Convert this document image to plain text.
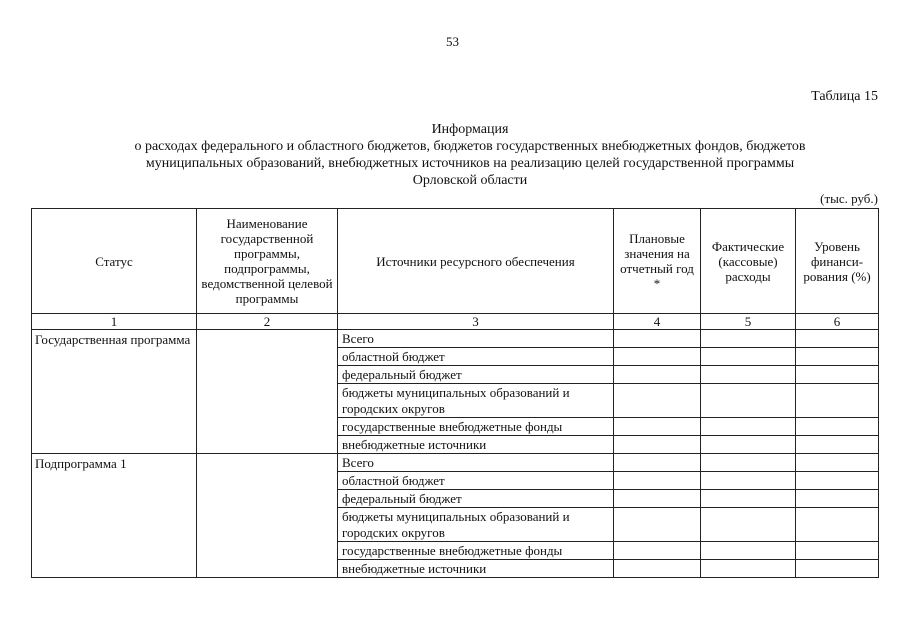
53
Таблица 15
Информация
о расходах федерального и областного бюджетов, бюджетов государственных внебюджетных фондов, бюджетов
муниципальных образований, внебюджетных источников на реализацию целей государственной программы
Орловской области
(тыс. руб.)
Статус	Наименование государственной программы, подпрограммы, ведомственной целевой программы	Источники ресурсного обеспечения	Плановые значения на отчетный год *	Фактические (кассовые) расходы	Уровень финанси-рования (%)
1	2	3	4	5	6
Государственная программа		Всего			
		областной бюджет			
		федеральный бюджет			
		бюджеты муниципальных образований и городских округов			
		государственные внебюджетные фонды			
		внебюджетные источники			
Подпрограмма 1		Всего			
		областной бюджет			
		федеральный бюджет			
		бюджеты муниципальных образований и городских округов			
		государственные внебюджетные фонды			
		внебюджетные источники			
